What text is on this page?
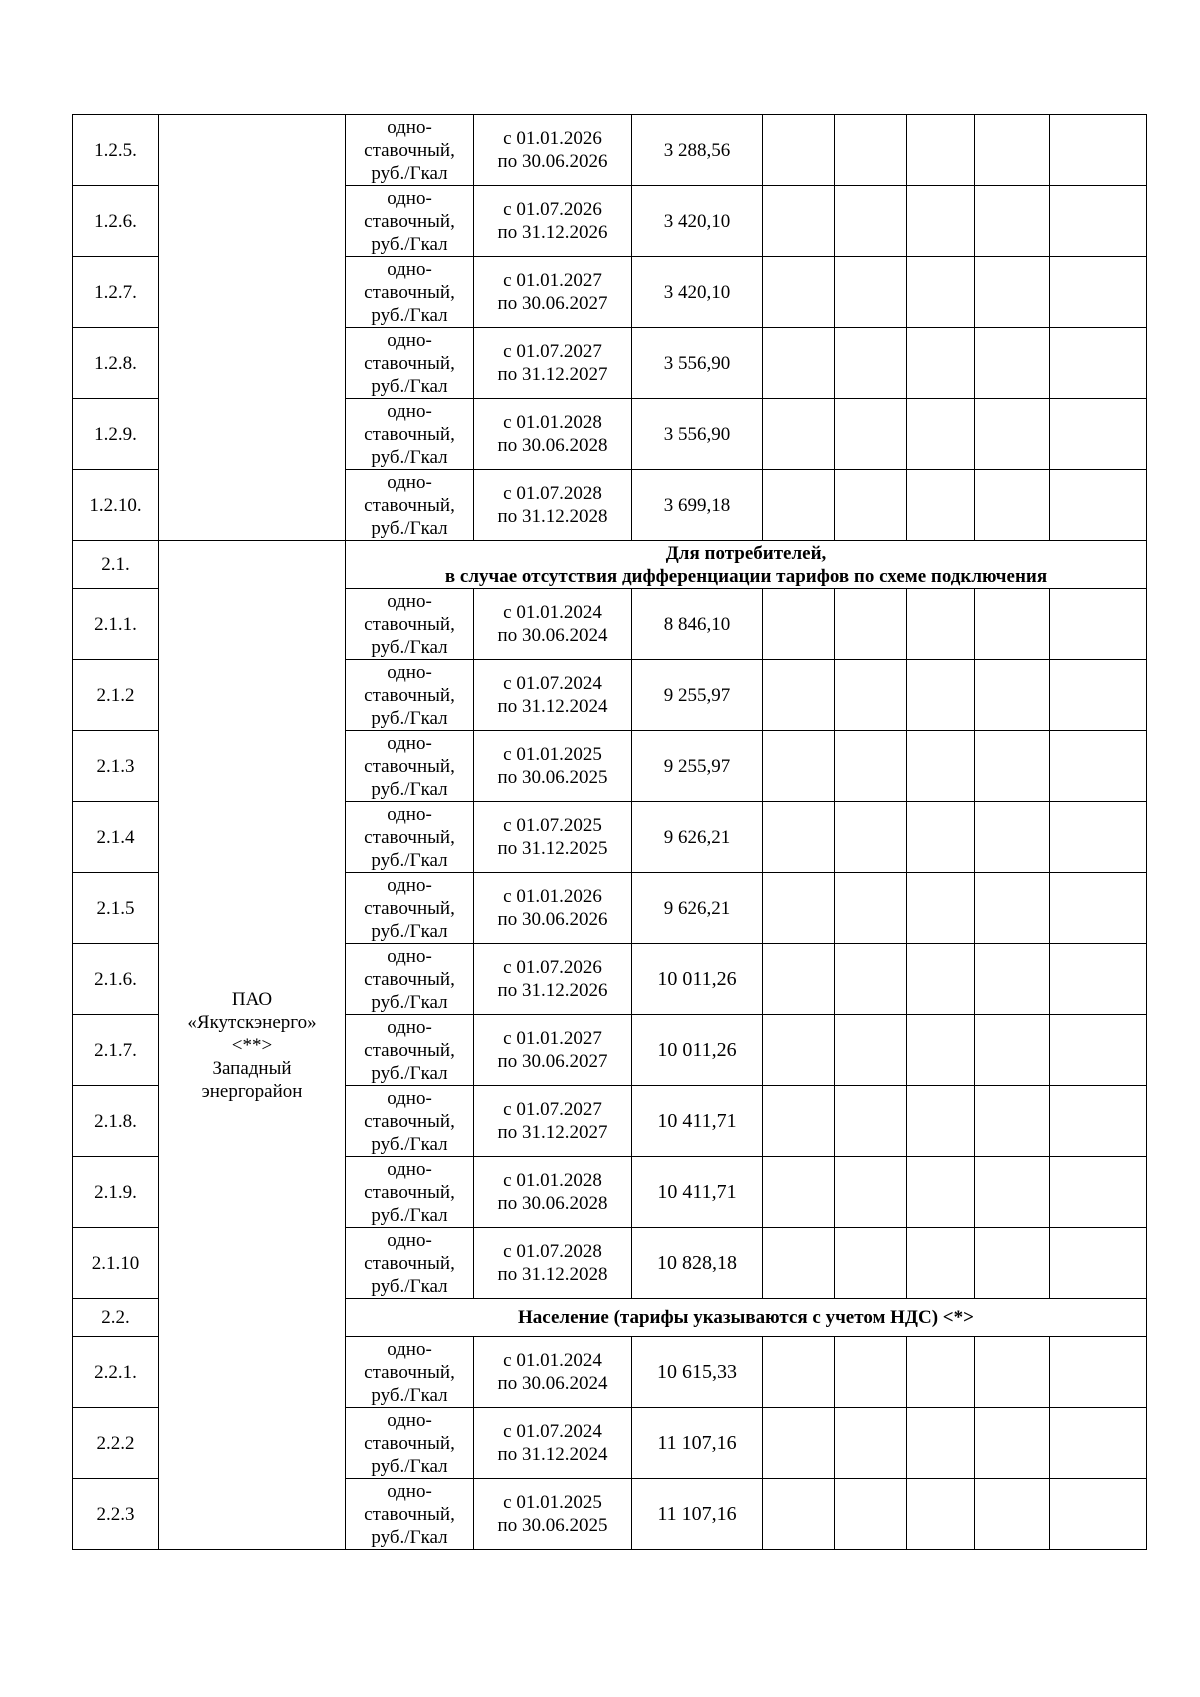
1.2.5.		одно-
ставочный,
руб./Гкал	с 01.01.2026
по 30.06.2026	3 288,56					
1.2.6.		одно-
ставочный,
руб./Гкал	с 01.07.2026
по 31.12.2026	3 420,10					
1.2.7.		одно-
ставочный,
руб./Гкал	с 01.01.2027
по 30.06.2027	3 420,10					
1.2.8.		одно-
ставочный,
руб./Гкал	с 01.07.2027
по 31.12.2027	3 556,90					
1.2.9.		одно-
ставочный,
руб./Гкал	с 01.01.2028
по 30.06.2028	3 556,90					
1.2.10.		одно-
ставочный,
руб./Гкал	с 01.07.2028
по 31.12.2028	3 699,18					
2.1.	ПАО
«Якутскэнерго»
<**>
Западный
энергорайон	Для потребителей,
в случае отсутствия дифференциации тарифов по схеме подключения							

2.1.1.		одно-
ставочный,
руб./Гкал	с 01.01.2024
по 30.06.2024	8 846,10					
2.1.2		одно-
ставочный,
руб./Гкал	с 01.07.2024
по 31.12.2024	9 255,97					
2.1.3		одно-
ставочный,
руб./Гкал	с 01.01.2025
по 30.06.2025	9 255,97					
2.1.4		одно-
ставочный,
руб./Гкал	с 01.07.2025
по 31.12.2025	9 626,21					
2.1.5		одно-
ставочный,
руб./Гкал	с 01.01.2026
по 30.06.2026	9 626,21					
2.1.6.		одно-
ставочный,
руб./Гкал	с 01.07.2026
по 31.12.2026	10 011,26					
2.1.7.		одно-
ставочный,
руб./Гкал	с 01.01.2027
по 30.06.2027	10 011,26					
2.1.8.		одно-
ставочный,
руб./Гкал	с 01.07.2027
по 31.12.2027	10 411,71					
2.1.9.		одно-
ставочный,
руб./Гкал	с 01.01.2028
по 30.06.2028	10 411,71					
2.1.10		одно-
ставочный,
руб./Гкал	с 01.07.2028
по 31.12.2028	10 828,18					
2.2.		Население (тарифы указываются с учетом НДС) <*>							
2.2.1.		одно-
ставочный,
руб./Гкал	с 01.01.2024
по 30.06.2024	10 615,33					
2.2.2		одно-
ставочный,
руб./Гкал	с 01.07.2024
по 31.12.2024	11 107,16					
2.2.3		одно-
ставочный,
руб./Гкал	с 01.01.2025
по 30.06.2025	11 107,16					
